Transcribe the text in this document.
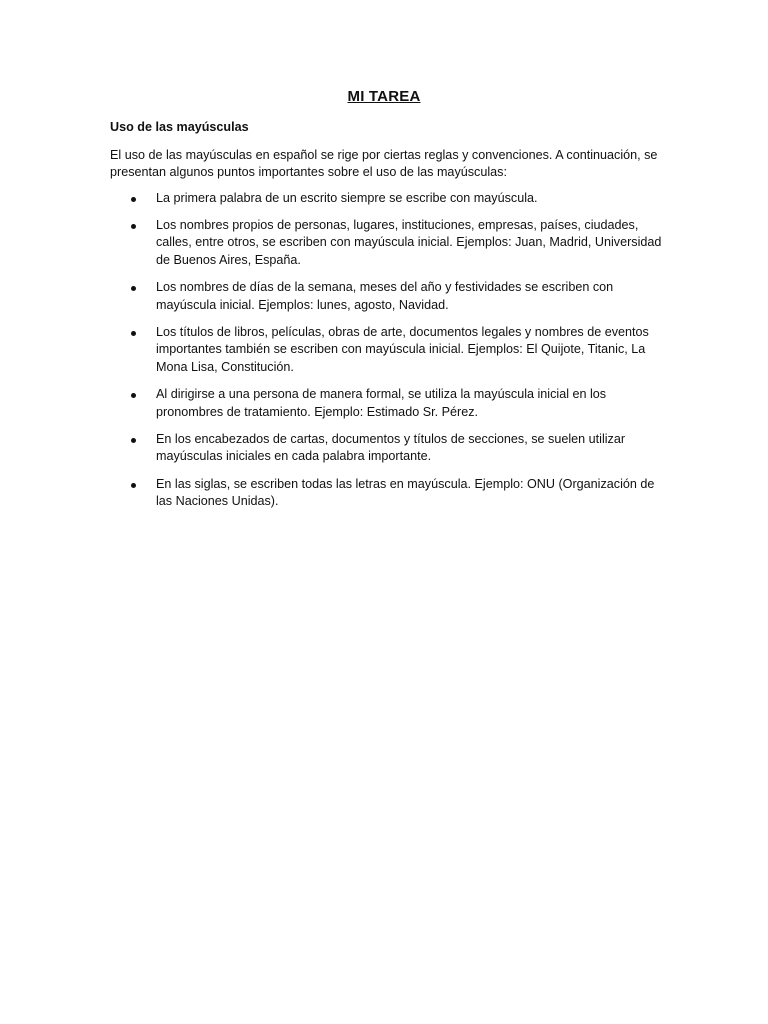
MI TAREA

Uso de las mayúsculas

El uso de las mayúsculas en español se rige por ciertas reglas y convenciones. A continuación, se presentan algunos puntos importantes sobre el uso de las mayúsculas:

La primera palabra de un escrito siempre se escribe con mayúscula.
Los nombres propios de personas, lugares, instituciones, empresas, países, ciudades, calles, entre otros, se escriben con mayúscula inicial. Ejemplos: Juan, Madrid, Universidad de Buenos Aires, España.
Los nombres de días de la semana, meses del año y festividades se escriben con mayúscula inicial. Ejemplos: lunes, agosto, Navidad.
Los títulos de libros, películas, obras de arte, documentos legales y nombres de eventos importantes también se escriben con mayúscula inicial. Ejemplos: El Quijote, Titanic, La Mona Lisa, Constitución.
Al dirigirse a una persona de manera formal, se utiliza la mayúscula inicial en los pronombres de tratamiento. Ejemplo: Estimado Sr. Pérez.
En los encabezados de cartas, documentos y títulos de secciones, se suelen utilizar mayúsculas iniciales en cada palabra importante.
En las siglas, se escriben todas las letras en mayúscula. Ejemplo: ONU (Organización de las Naciones Unidas).
